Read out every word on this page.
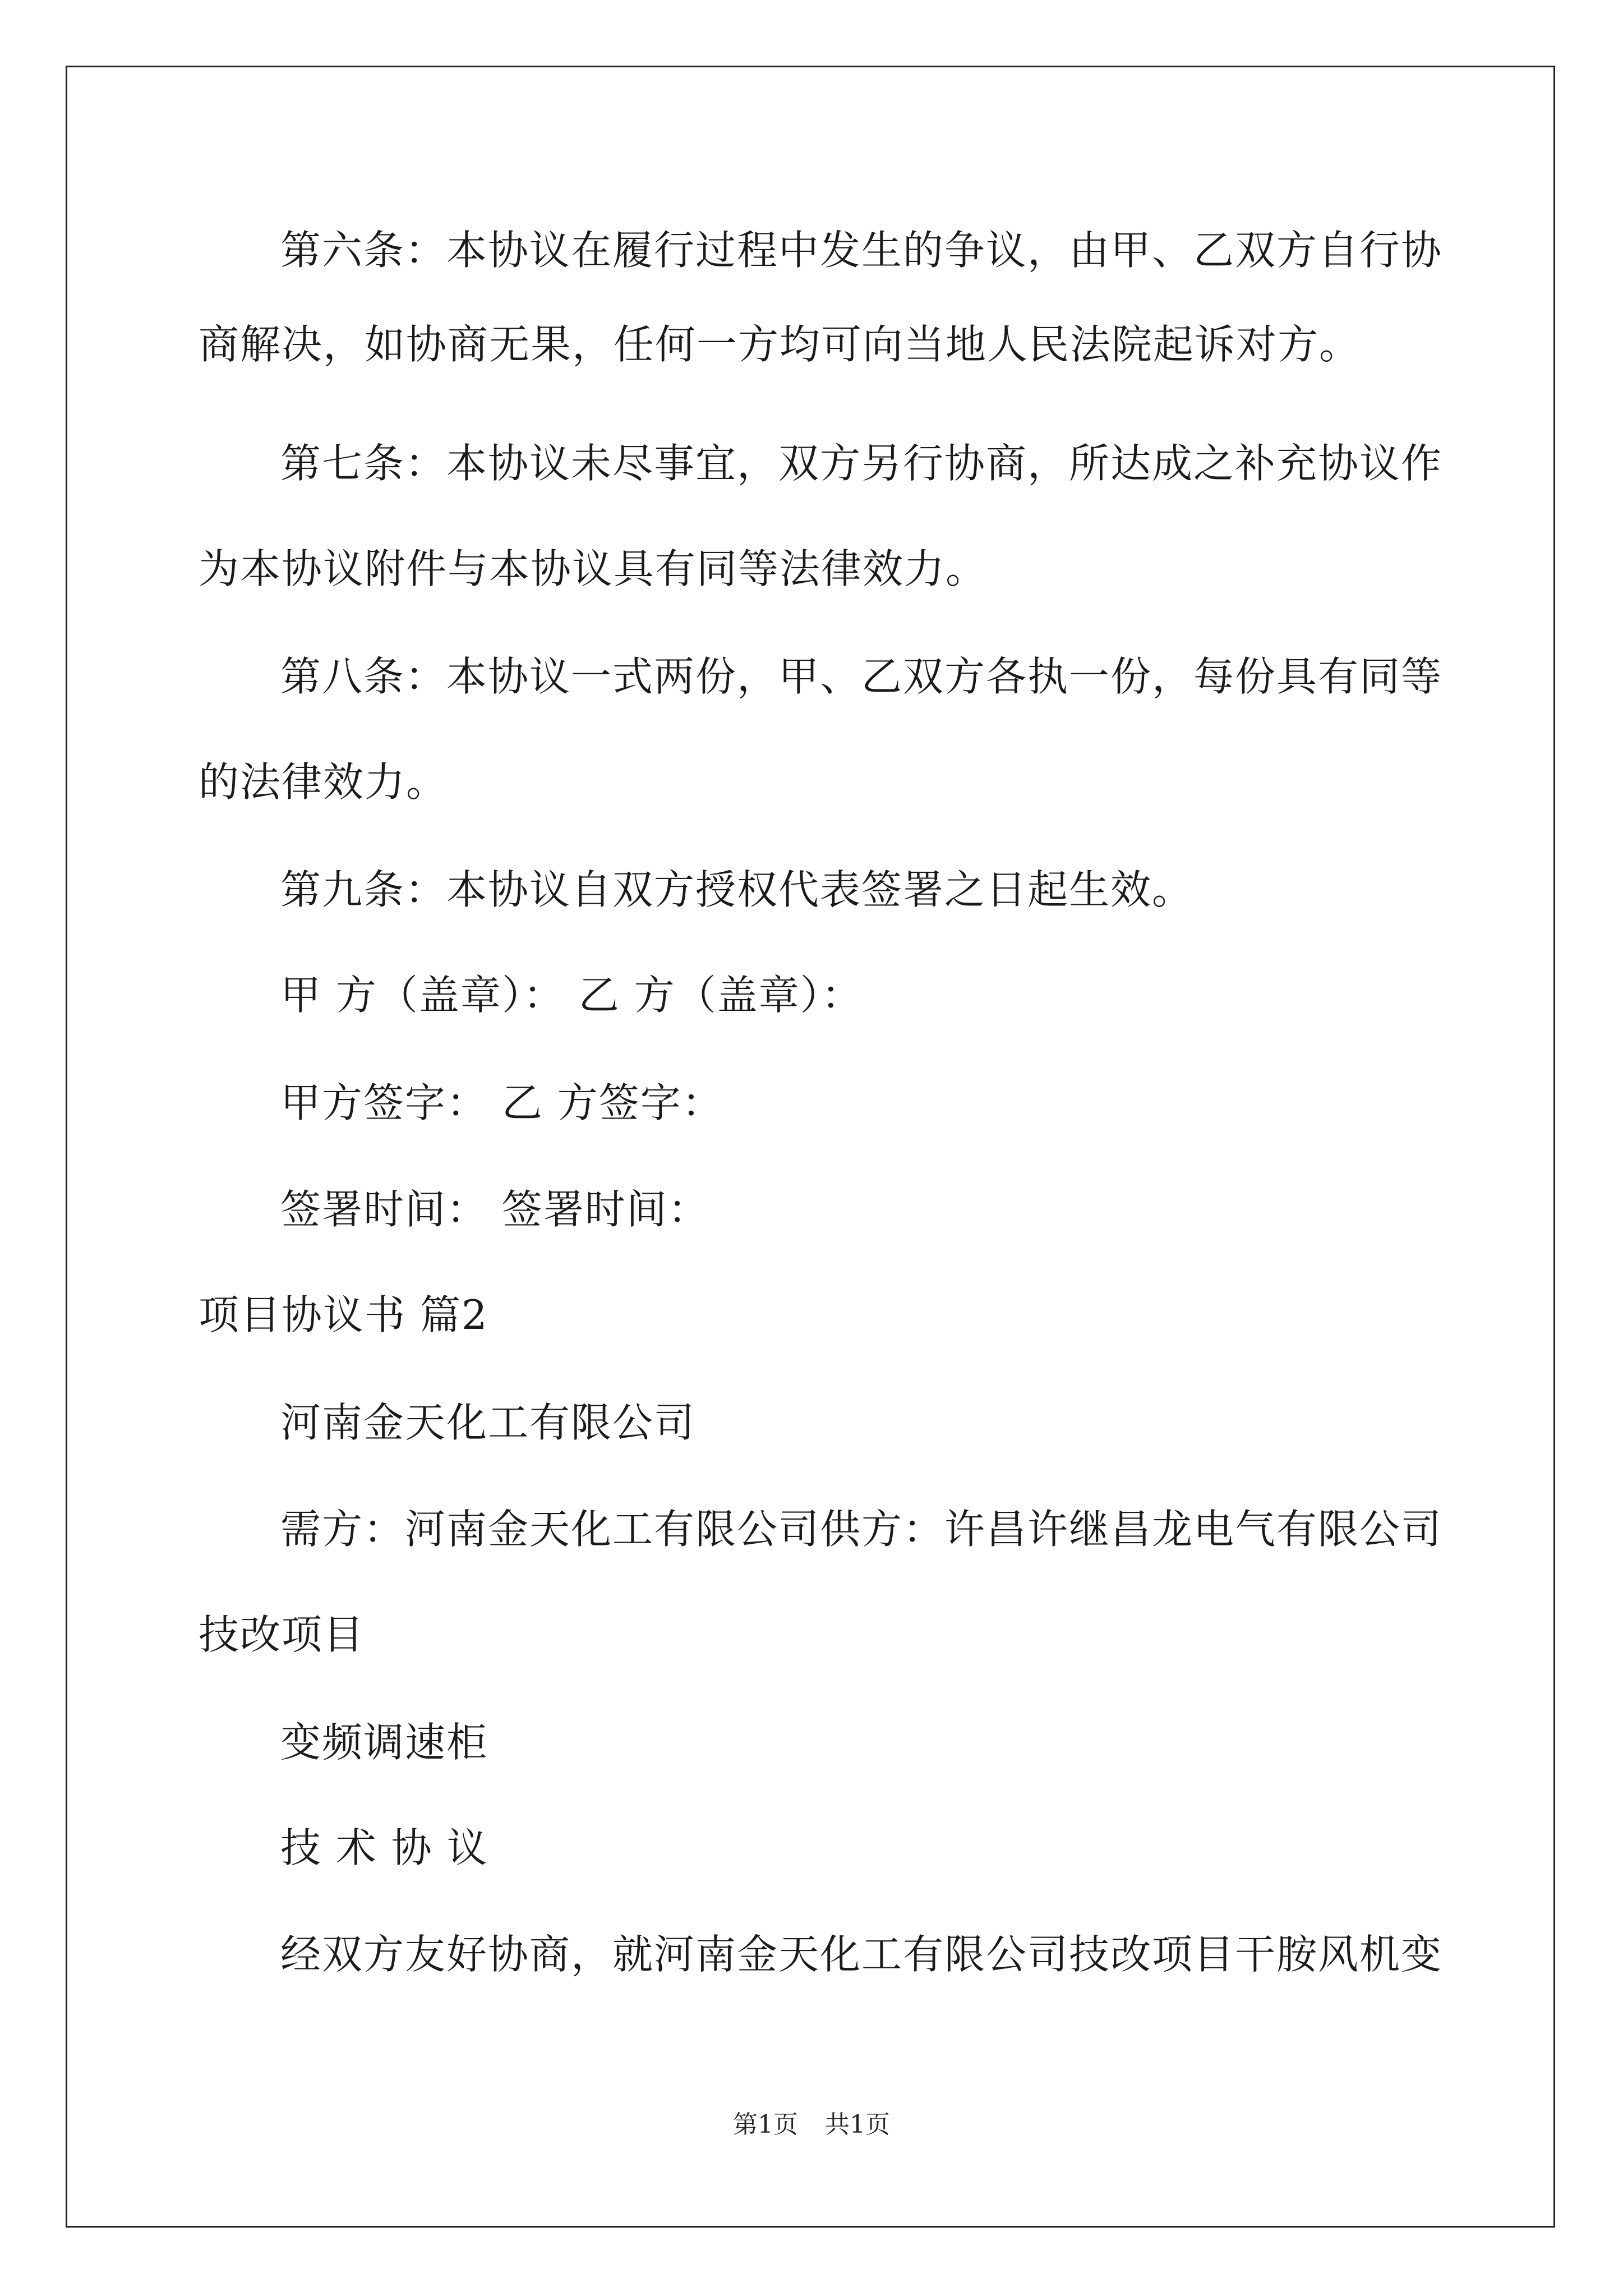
第六条：本协议在履行过程中发生的争议，由甲、乙双方自行协
商解决，如协商无果，任何一方均可向当地人民法院起诉对方。
第七条：本协议未尽事宜，双方另行协商，所达成之补充协议作
为本协议附件与本协议具有同等法律效力。
第八条：本协议一式两份，甲、乙双方各执一份，每份具有同等
的法律效力。
第九条：本协议自双方授权代表签署之日起生效。
甲 方（盖章）： 乙 方（盖章）：
甲方签字： 乙 方签字：
签署时间： 签署时间：
项目协议书 篇2
河南金天化工有限公司
需方：河南金天化工有限公司供方：许昌许继昌龙电气有限公司
技改项目
变频调速柜
技 术 协 议
经双方友好协商，就河南金天化工有限公司技改项目干胺风机变
第1页 共1页
